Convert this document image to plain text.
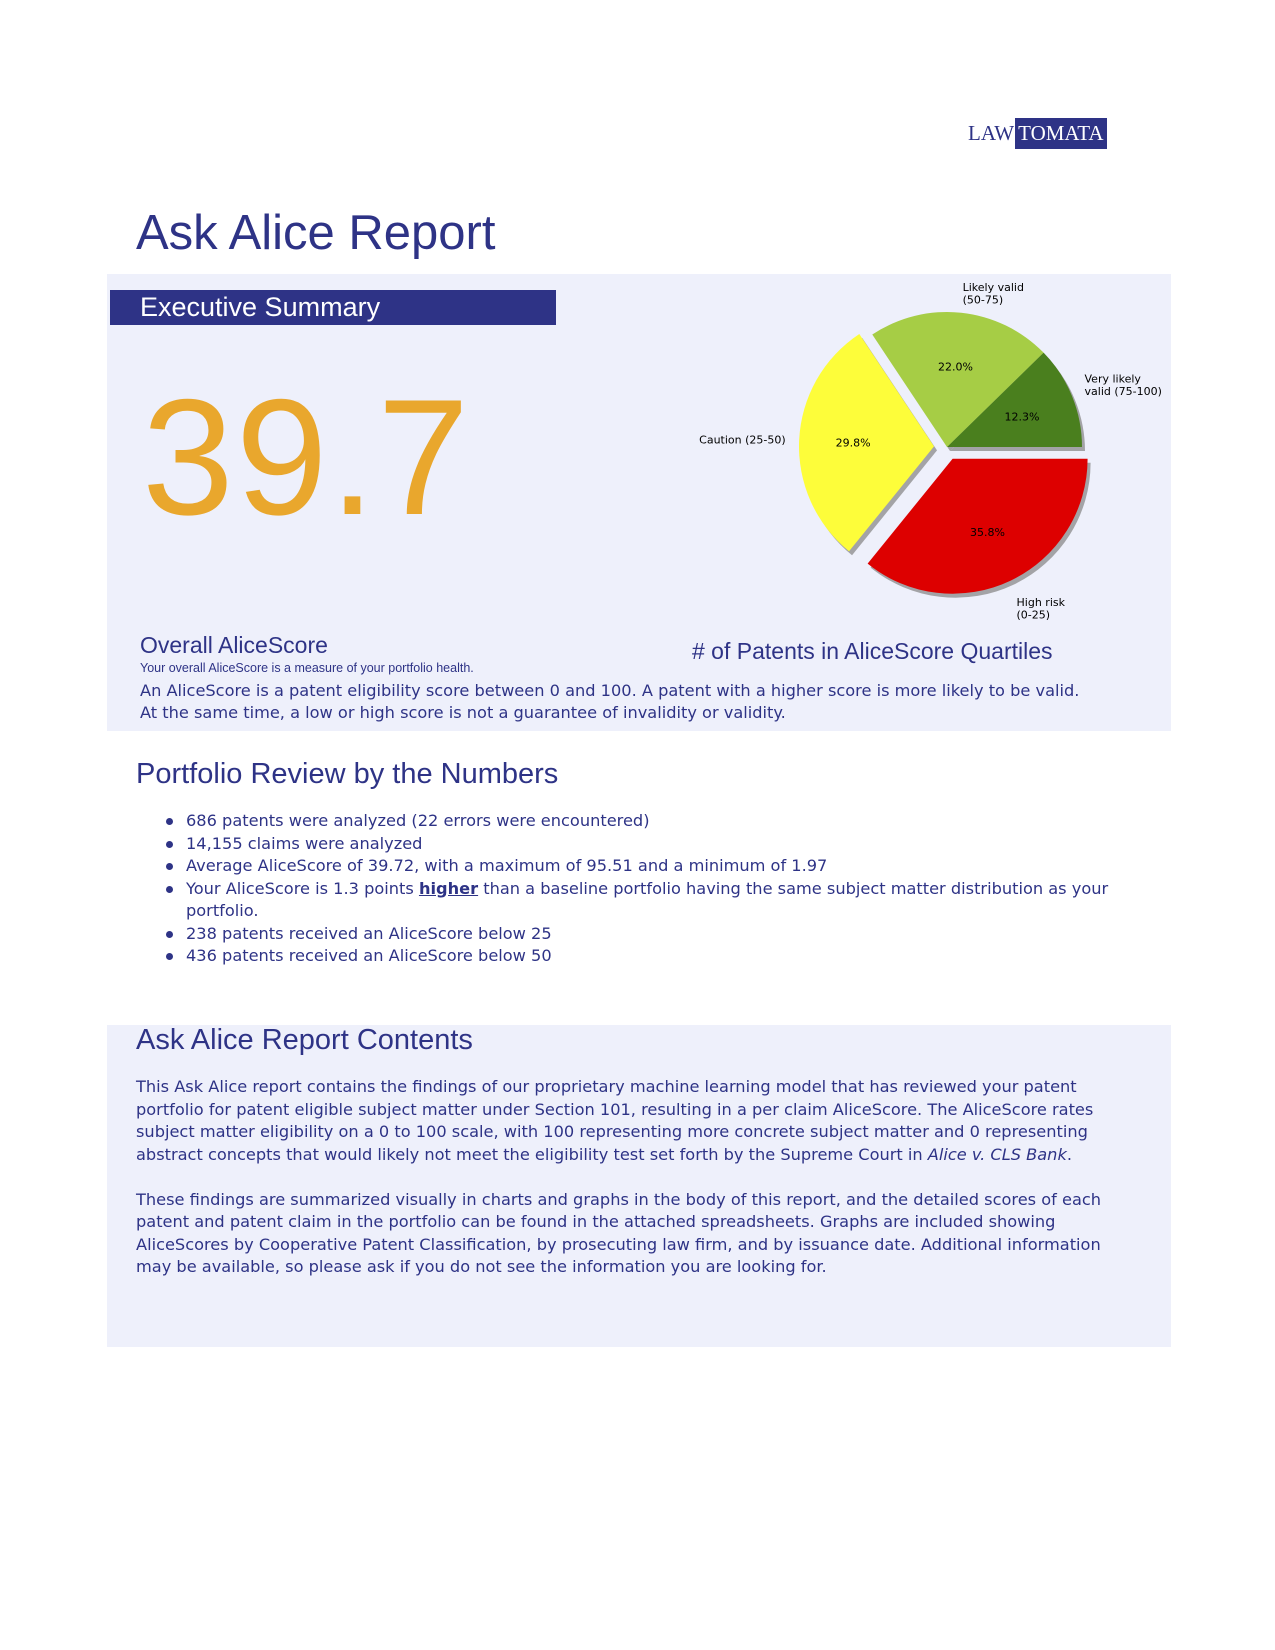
LAW TOMATA
Ask Alice Report
Executive Summary
39.7	12.3%
Very likely
valid (75-100)
22.0%
Likely valid
(50-75)
29.8%
Caution (25-50)
35.8%
High risk
(0-25)
Overall AliceScore
Your overall AliceScore is a measure of your portfolio health.
# of Patents in AliceScore Quartiles

An AliceScore is a patent eligibility score between 0 and 100. A patent with a higher score is more likely to be valid.

At the same time, a low or high score is not a guarantee of invalidity or validity.

Portfolio Review by the Numbers
686 patents were analyzed (22 errors were encountered)
14,155 claims were analyzed
Average AliceScore of 39.72, with a maximum of 95.51 and a minimum of 1.97
Your AliceScore is 1.3 points higher than a baseline portfolio having the same subject matter distribution as your portfolio.
238 patents received an AliceScore below 25
436 patents received an AliceScore below 50
Ask Alice Report Contents

This Ask Alice report contains the findings of our proprietary machine learning model that has reviewed your patent portfolio for patent eligible subject matter under Section 101, resulting in a per claim AliceScore. The AliceScore rates subject matter eligibility on a 0 to 100 scale, with 100 representing more concrete subject matter and 0 representing abstract concepts that would likely not meet the eligibility test set forth by the Supreme Court in Alice v. CLS Bank.

These findings are summarized visually in charts and graphs in the body of this report, and the detailed scores of each patent and patent claim in the portfolio can be found in the attached spreadsheets. Graphs are included showing AliceScores by Cooperative Patent Classification, by prosecuting law firm, and by issuance date. Additional information may be available, so please ask if you do not see the information you are looking for.
